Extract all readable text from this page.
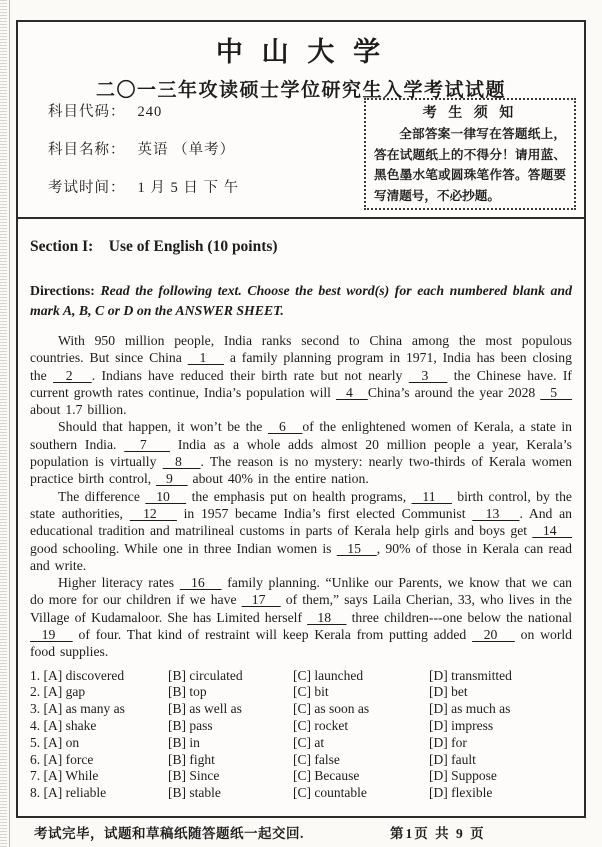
中 山 大 学
二〇一三年攻读硕士学位研究生入学考试试题
科目代码： 240
科目名称： 英语 （单考）
考试时间： 1 月 5 日 下 午
考 生 须 知
全部答案一律写在答题纸上，答在试题纸上的不得分！请用蓝、黑色墨水笔或圆珠笔作答。答题要写清题号，不必抄题。
Section I:    Use of English (10 points)
Directions: Read the following text. Choose the best word(s) for each numbered blank and mark A, B, C or D on the ANSWER SHEET.

With 950 million people, India ranks second to China among the most populous countries. But since China   1    a family planning program in 1971, India has been closing the   2   . Indians have reduced their birth rate but not nearly   3    the Chinese have. If current growth rates continue, India’s population will   4   China’s around the year 2028   5    about 1.7 billion.

Should that happen, it won’t be the   6   of the enlightened women of Kerala, a state in southern India.   7    India as a whole adds almost 20 million people a year, Kerala’s population is virtually   8   . The reason is no mystery: nearly two-thirds of Kerala women practice birth control,   9    about 40% in the entire nation.

The difference   10    the emphasis put on health programs,   11    birth control, by the state authorities,   12    in 1957 became India’s first elected Communist   13   . And an educational tradition and matrilineal customs in parts of Kerala help girls and boys get   14    good schooling. While one in three Indian women is   15   , 90% of those in Kerala can read and write.

Higher literacy rates   16    family planning. “Unlike our Parents, we know that we can do more for our children if we have   17    of them,” says Laila Cherian, 33, who lives in the Village of Kudamaloor. She has Limited herself   18    three children---one below the national   19    of four. That kind of restraint will keep Kerala from putting added   20    on world food supplies.

1. [A] discovered	[B] circulated	[C] launched	[D] transmitted
2. [A] gap	[B] top	[C] bit	[D] bet
3. [A] as many as	[B] as well as	[C] as soon as	[D] as much as
4. [A] shake	[B] pass	[C] rocket	[D] impress
5. [A] on	[B] in	[C] at	[D] for
6. [A] force	[B] fight	[C] false	[D] fault
7. [A] While	[B] Since	[C] Because	[D] Suppose
8. [A] reliable	[B] stable	[C] countable	[D] flexible
考试完毕，试题和草稿纸随答题纸一起交回.	第1页 共 9 页
